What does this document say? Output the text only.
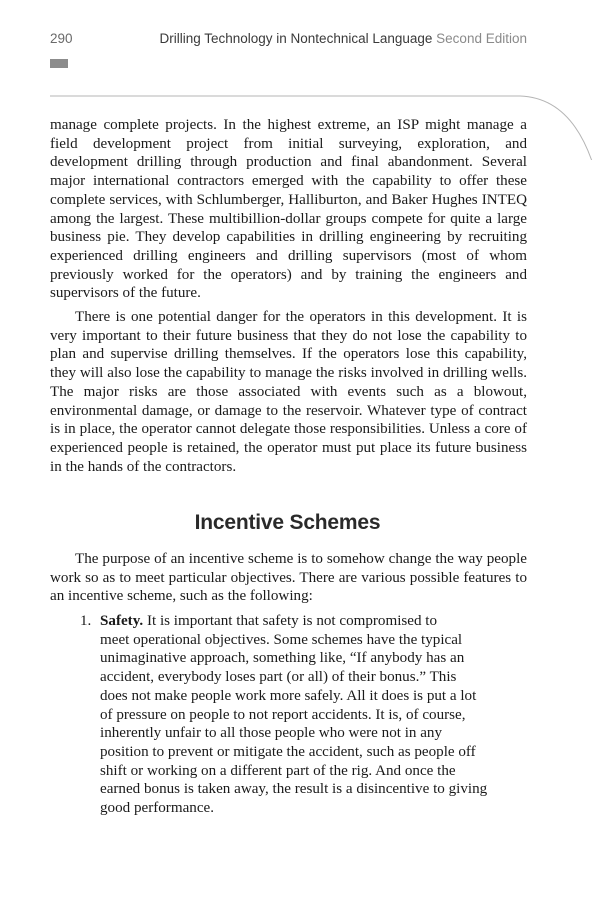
290	Drilling Technology in Nontechnical Language Second Edition

manage complete projects. In the highest extreme, an ISP might manage a field development project from initial surveying, exploration, and development drilling through production and final abandonment. Several major international contractors emerged with the capability to offer these complete services, with Schlumberger, Halliburton, and Baker Hughes INTEQ among the largest. These multibillion-dollar groups compete for quite a large business pie. They develop capabilities in drilling engineering by recruiting experienced drilling engineers and drilling supervisors (most of whom previously worked for the operators) and by training the engineers and supervisors of the future.

There is one potential danger for the operators in this development. It is very important to their future business that they do not lose the capability to plan and supervise drilling themselves. If the operators lose this capability, they will also lose the capability to manage the risks involved in drilling wells. The major risks are those associated with events such as a blowout, environmental damage, or damage to the reservoir. Whatever type of contract is in place, the operator cannot delegate those responsibilities. Unless a core of experienced people is retained, the operator must put place its future business in the hands of the contractors.

Incentive Schemes

The purpose of an incentive scheme is to somehow change the way people work so as to meet particular objectives. There are various possible features to an incentive scheme, such as the following:

1. Safety. It is important that safety is not compromised to
meet operational objectives. Some schemes have the typical
unimaginative approach, something like, “If anybody has an
accident, everybody loses part (or all) of their bonus.” This
does not make people work more safely. All it does is put a lot
of pressure on people to not report accidents. It is, of course,
inherently unfair to all those people who were not in any
position to prevent or mitigate the accident, such as people off
shift or working on a different part of the rig. And once the
earned bonus is taken away, the result is a disincentive to giving
good performance.
